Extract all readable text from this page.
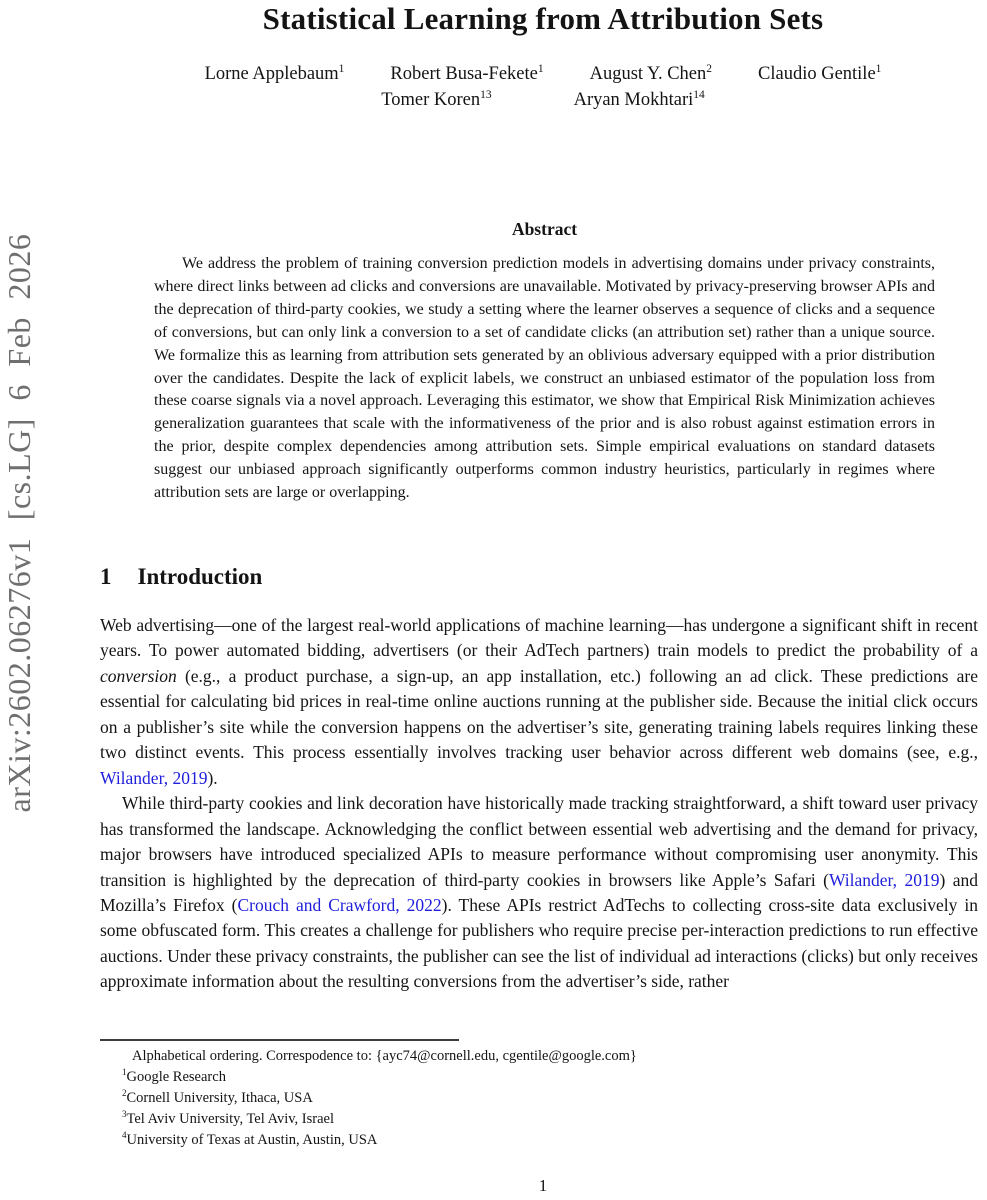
arXiv:2602.06276v1 [cs.LG] 6 Feb 2026
Statistical Learning from Attribution Sets
Lorne Applebaum$^1$ Robert Busa-Fekete$^1$ August Y. Chen$^2$ Claudio Gentile$^1$
Tomer Koren$^{13}$	Aryan Mokhtari$^{14}$
Abstract

We address the problem of training conversion prediction models in advertising domains under privacy constraints, where direct links between ad clicks and conversions are unavailable. Motivated by privacy-preserving browser APIs and the deprecation of third-party cookies, we study a setting where the learner observes a sequence of clicks and a sequence of conversions, but can only link a conversion to a set of candidate clicks (an attribution set) rather than a unique source. We formalize this as learning from attribution sets generated by an oblivious adversary equipped with a prior distribution over the candidates. Despite the lack of explicit labels, we construct an unbiased estimator of the population loss from these coarse signals via a novel approach. Leveraging this estimator, we show that Empirical Risk Minimization achieves generalization guarantees that scale with the informativeness of the prior and is also robust against estimation errors in the prior, despite complex dependencies among attribution sets. Simple empirical evaluations on standard datasets suggest our unbiased approach significantly outperforms common industry heuristics, particularly in regimes where attribution sets are large or overlapping.

1 Introduction

Web advertising—one of the largest real-world applications of machine learning—has undergone a significant shift in recent years. To power automated bidding, advertisers (or their AdTech partners) train models to predict the probability of a conversion (e.g., a product purchase, a sign-up, an app installation, etc.) following an ad click. These predictions are essential for calculating bid prices in real-time online auctions running at the publisher side. Because the initial click occurs on a publisher’s site while the conversion happens on the advertiser’s site, generating training labels requires linking these two distinct events. This process essentially involves tracking user behavior across different web domains (see, e.g., Wilander, 2019).

While third-party cookies and link decoration have historically made tracking straightforward, a shift toward user privacy has transformed the landscape. Acknowledging the conflict between essential web advertising and the demand for privacy, major browsers have introduced specialized APIs to measure performance without compromising user anonymity. This transition is highlighted by the deprecation of third-party cookies in browsers like Apple’s Safari (Wilander, 2019) and Mozilla’s Firefox (Crouch and Crawford, 2022). These APIs restrict AdTechs to collecting cross-site data exclusively in some obfuscated form. This creates a challenge for publishers who require precise per-interaction predictions to run effective auctions. Under these privacy constraints, the publisher can see the list of individual ad interactions (clicks) but only receives approximate information about the resulting conversions from the advertiser’s side, rather

Alphabetical ordering. Correspodence to: {ayc74@cornell.edu, cgentile@google.com}

$^1$Google Research

$^2$Cornell University, Ithaca, USA

$^3$Tel Aviv University, Tel Aviv, Israel

$^4$University of Texas at Austin, Austin, USA

1
